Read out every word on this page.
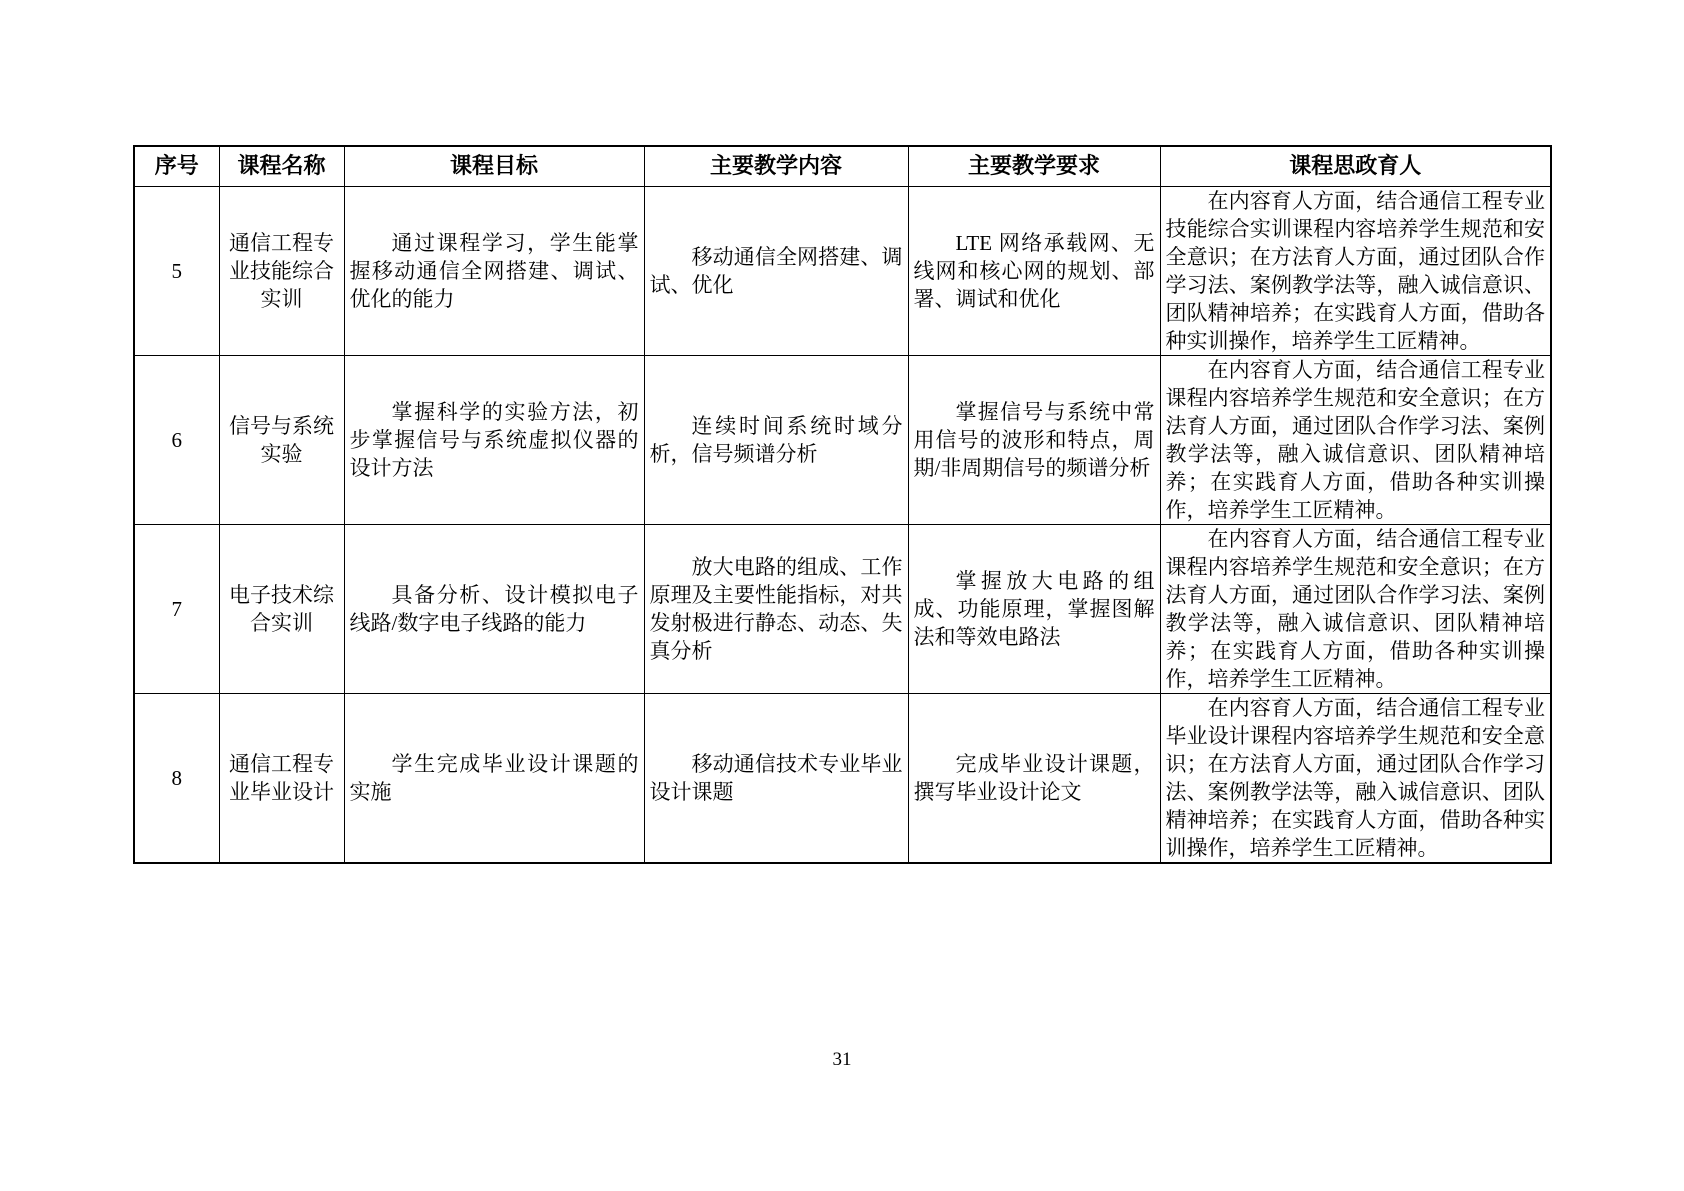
序号	课程名称	课程目标	主要教学内容	主要教学要求	课程思政育人
5	通信工程专业技能综合实训	通过课程学习，学生能掌握移动通信全网搭建、调试、优化的能力	移动通信全网搭建、调试、优化	LTE 网络承载网、无线网和核心网的规划、部署、调试和优化	在内容育人方面，结合通信工程专业技能综合实训课程内容培养学生规范和安全意识；在方法育人方面，通过团队合作学习法、案例教学法等，融入诚信意识、团队精神培养；在实践育人方面，借助各种实训操作，培养学生工匠精神。
6	信号与系统实验	掌握科学的实验方法，初步掌握信号与系统虚拟仪器的设计方法	连续时间系统时域分析，信号频谱分析	掌握信号与系统中常用信号的波形和特点，周期/非周期信号的频谱分析	在内容育人方面，结合通信工程专业课程内容培养学生规范和安全意识；在方法育人方面，通过团队合作学习法、案例教学法等，融入诚信意识、团队精神培养；在实践育人方面，借助各种实训操作，培养学生工匠精神。
7	电子技术综合实训	具备分析、设计模拟电子线路/数字电子线路的能力	放大电路的组成、工作原理及主要性能指标，对共发射极进行静态、动态、失真分析	掌握放大电路的组成、功能原理，掌握图解法和等效电路法	在内容育人方面，结合通信工程专业课程内容培养学生规范和安全意识；在方法育人方面，通过团队合作学习法、案例教学法等，融入诚信意识、团队精神培养；在实践育人方面，借助各种实训操作，培养学生工匠精神。
8	通信工程专业毕业设计	学生完成毕业设计课题的实施	移动通信技术专业毕业设计课题	完成毕业设计课题，撰写毕业设计论文	在内容育人方面，结合通信工程专业毕业设计课程内容培养学生规范和安全意识；在方法育人方面，通过团队合作学习法、案例教学法等，融入诚信意识、团队精神培养；在实践育人方面，借助各种实训操作，培养学生工匠精神。
31
